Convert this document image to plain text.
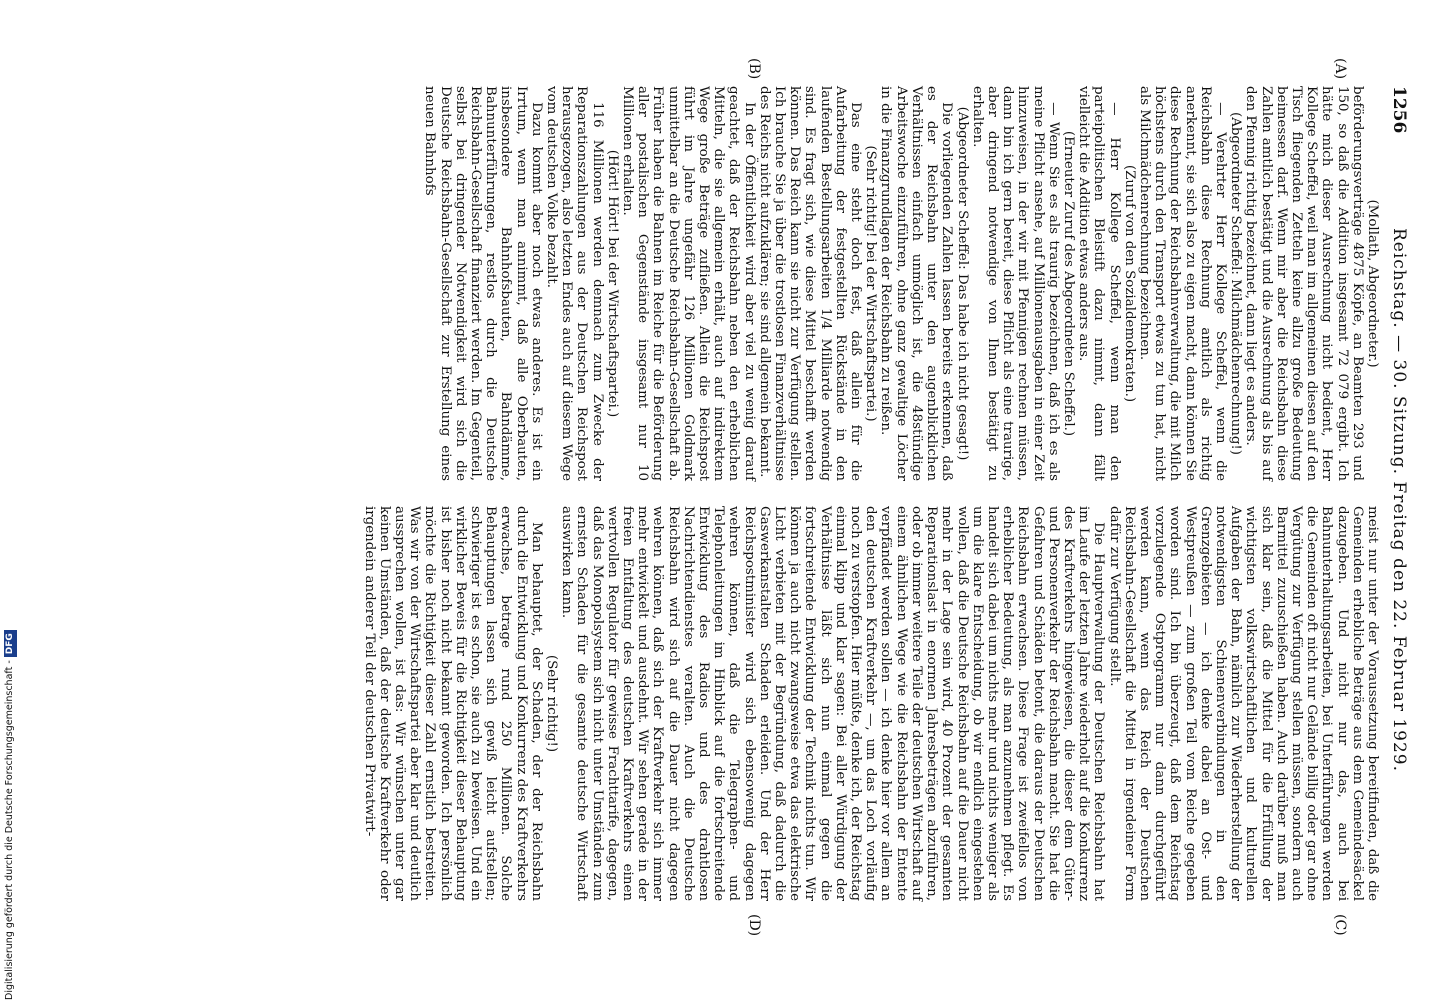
Reichstag. — 30. Sitzung. Freitag den 22. Februar 1929.
1256
(A)
(B)
(C)
(D)

(Mollath, Abgeordneter.)

beförderungsverträge 4875 Köpfe, an Beamten 293 und 150, so daß die Addition insgesamt 72 079 ergibt. Ich hätte mich dieser Ausrechnung nicht bedient, Herr Kollege Scheffel, weil man im allgemeinen diesen auf den Tisch fliegenden Zetteln keine allzu große Bedeutung beimessen darf. Wenn mir aber die Reichsbahn diese Zahlen amtlich bestätigt und die Ausrechnung als bis auf den Pfennig richtig bezeichnet, dann liegt es anders.

(Abgeordneter Scheffel: Milchmädchenrechnung!)

— Verehrter Herr Kollege Scheffel, wenn die Reichsbahn diese Rechnung amtlich als richtig anerkennt, sie sich also zu eigen macht, dann können Sie diese Rechnung der Reichsbahnverwaltung, die mit Milch höchstens durch den Transport etwas zu tun hat, nicht als Milchmädchenrechnung bezeichnen.

(Zuruf von den Sozialdemokraten.)

— Herr Kollege Scheffel, wenn man den parteipolitischen Bleistift dazu nimmt, dann fällt vielleicht die Addition etwas anders aus.

(Erneuter Zuruf des Abgeordneten Scheffel.)

— Wenn Sie es als traurig bezeichnen, daß ich es als meine Pflicht ansehe, auf Millionenausgaben in einer Zeit hinzuweisen, in der wir mit Pfennigen rechnen müssen, dann bin ich gern bereit, diese Pflicht als eine traurige, aber dringend notwendige von Ihnen bestätigt zu erhalten.

(Abgeordneter Scheffel: Das habe ich nicht gesagt!)

Die vorliegenden Zahlen lassen bereits erkennen, daß es der Reichsbahn unter den augenblicklichen Verhältnissen einfach unmöglich ist, die 48stündige Arbeitswoche einzuführen, ohne ganz gewaltige Löcher in die Finanzgrundlagen der Reichsbahn zu reißen.

(Sehr richtig! bei der Wirtschaftspartei.)

Das eine steht doch fest, daß allein für die Aufarbeitung der festgestellten Rückstände in den laufenden Bestellungsarbeiten 1/4 Milliarde notwendig sind. Es fragt sich, wie diese Mittel beschafft werden können. Das Reich kann sie nicht zur Verfügung stellen. Ich brauche Sie ja über die trostlosen Finanzverhältnisse des Reichs nicht aufzuklären; sie sind allgemein bekannt.

In der Öffentlichkeit wird aber viel zu wenig darauf geachtet, daß der Reichsbahn neben den erheblichen Mitteln, die sie allgemein erhält, auch auf indirektem Wege große Beträge zufließen. Allein die Reichspost führt im Jahre ungefähr 126 Millionen Goldmark unmittelbar an die Deutsche Reichsbahn-Gesellschaft ab. Früher haben die Bahnen im Reiche für die Beförderung aller postalischen Gegenstände insgesamt nur 10 Millionen erhalten.

(Hört! Hört! bei der Wirtschaftspartei.)

116 Millionen werden demnach zum Zwecke der Reparationszahlungen aus der Deutschen Reichspost herausgezogen, also letzten Endes auch auf diesem Wege vom deutschen Volke bezahlt.

Dazu kommt aber noch etwas anderes. Es ist ein Irrtum, wenn man annimmt, daß alle Oberbauten, insbesondere Bahnhofsbauten, Bahndämme, Bahnunterführungen, restlos durch die Deutsche Reichsbahn-Gesellschaft finanziert werden. Im Gegenteil, selbst bei dringender Notwendigkeit wird sich die Deutsche Reichsbahn-Gesellschaft zur Erstellung eines neuen Bahnhofs

meist nur unter der Voraussetzung bereitfinden, daß die Gemeinden erhebliche Beträge aus dem Gemeindesäckel dazugeben. Und nicht nur das, auch bei Bahnunterhaltungsarbeiten, bei Unterführungen werden die Gemeinden oft nicht nur Gelände billig oder gar ohne Vergütung zur Verfügung stellen müssen, sondern auch Barmittel zuzuschießen haben. Auch darüber muß man sich klar sein, daß die Mittel für die Erfüllung der wichtigsten volkswirtschaftlichen und kulturellen Aufgaben der Bahn, nämlich zur Wiederherstellung der notwendigsten Schienenverbindungen in den Grenzgebieten — ich denke dabei an Ost- und Westpreußen — zum großen Teil vom Reiche gegeben worden sind. Ich bin überzeugt, daß dem Reichstag vorzulegende Ostprogramm nur dann durchgeführt werden kann, wenn das Reich der Deutschen Reichsbahn-Gesellschaft die Mittel in irgendeiner Form dafür zur Verfügung stellt.

Die Hauptverwaltung der Deutschen Reichsbahn hat im Laufe der letzten Jahre wiederholt auf die Konkurrenz des Kraftverkehrs hingewiesen, die dieser dem Güter- und Personenverkehr der Reichsbahn macht. Sie hat die Gefahren und Schäden betont, die daraus der Deutschen Reichsbahn erwachsen. Diese Frage ist zweifellos von erheblicher Bedeutung, als man anzunehmen pflegt. Es handelt sich dabei um nichts mehr und nichts weniger als um die klare Entscheidung, ob wir endlich eingestehen wollen, daß die Deutsche Reichsbahn auf die Dauer nicht mehr in der Lage sein wird, 40 Prozent der gesamten Reparationslast in enormen Jahresbeträgen abzuführen, oder ob immer weitere Teile der deutschen Wirtschaft auf einem ähnlichen Wege wie die Reichsbahn der Entente verpfändet werden sollen — ich denke hier vor allem an den deutschen Kraftverkehr —, um das Loch vorläufig noch zu verstopfen. Hier müßte, denke ich, der Reichstag einmal klipp und klar sagen: Bei aller Würdigung der Verhältnisse läßt sich nun einmal gegen die fortschreitende Entwicklung der Technik nichts tun. Wir können ja auch nicht zwangsweise etwa das elektrische Licht verbieten mit der Begründung, daß dadurch die Gaswerkanstalten Schaden erleiden. Und der Herr Reichspostminister wird sich ebensowenig dagegen wehren können, daß die Telegraphen- und Telephonleitungen im Hinblick auf die fortschreitende Entwicklung des Radios und des drahtlosen Nachrichtendienstes veralten. Auch die Deutsche Reichsbahn wird sich auf die Dauer nicht dagegen wehren können, daß sich der Kraftverkehr sich immer mehr entwickelt und ausdehnt. Wir sehen gerade in der freien Entfaltung des deutschen Kraftverkehrs einen wertvollen Regulator für gewisse Frachttarife, dagegen, daß das Monopolsystem sich nicht unter Umständen zum ernsten Schaden für die gesamte deutsche Wirtschaft auswirken kann.

(Sehr richtig!)

Man behauptet, der Schaden, der der Reichsbahn durch die Entwicklung und Konkurrenz des Kraftverkehrs erwachse, betrage rund 250 Millionen. Solche Behauptungen lassen sich gewiß leicht aufstellen; schwieriger ist es schon, sie auch zu beweisen. Und ein wirklicher Beweis für die Richtigkeit dieser Behauptung ist bisher noch nicht bekannt geworden. Ich persönlich möchte die Richtigkeit dieser Zahl ernstlich bestreiten. Was wir von der Wirtschaftspartei aber klar und deutlich aussprechen wollen, ist das: Wir wünschen unter gar keinen Umständen, daß der deutsche Kraftverkehr oder irgendein anderer Teil der deutschen Privatwirt-

Digitalisierung gefördert durch die Deutsche Forschungsgemeinschaft -DFG
